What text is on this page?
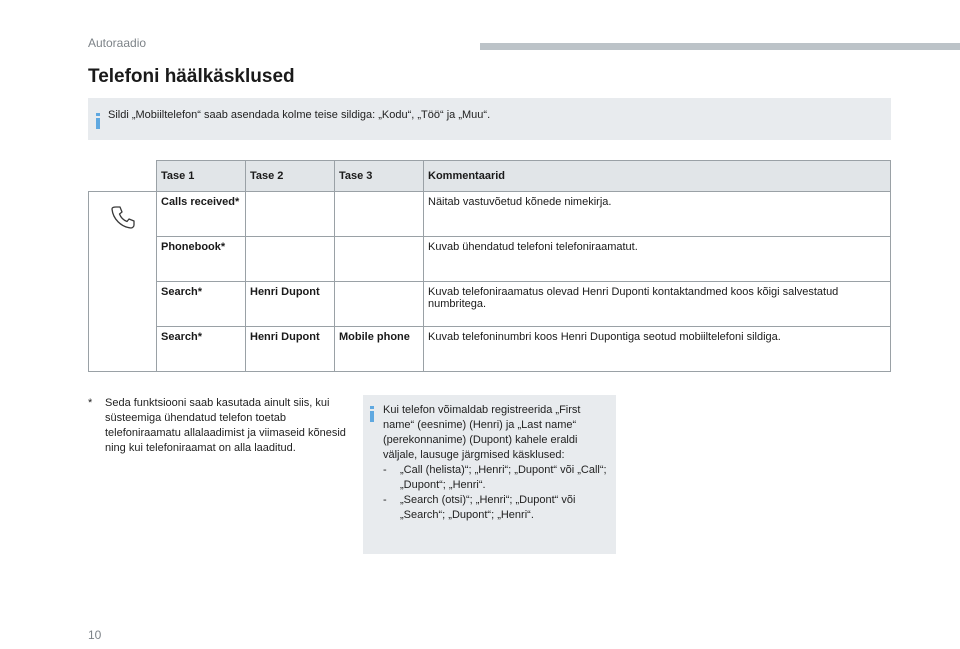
Autoraadio
Telefoni häälkäsklused
Sildi „Mobiiltelefon“ saab asendada kolme teise sildiga: „Kodu“, „Töö“ ja „Muu“.
	Tase 1	Tase 2	Tase 3	Kommentaarid
	Calls received*			Näitab vastuvõetud kõnede nimekirja.
	Phonebook*			Kuvab ühendatud telefoni telefoniraamatut.
	Search*	Henri Dupont		Kuvab telefoniraamatus olevad Henri Duponti kontaktandmed koos kõigi salvestatud numbritega.
	Search*	Henri Dupont	Mobile phone	Kuvab telefoninumbri koos Henri Dupontiga seotud mobiiltelefoni sildiga.
* Seda funktsiooni saab kasutada ainult siis, kui süsteemiga ühendatud telefon toetab telefoniraamatu allalaadimist ja viimaseid kõnesid ning kui telefoniraamat on alla laaditud.
Kui telefon võimaldab registreerida „First name“ (eesnime) (Henri) ja „Last name“ (perekonnanime) (Dupont) kahele eraldi väljale, lausuge järgmised käsklused:
- „Call (helista)“; „Henri“; „Dupont“ või „Call“; „Dupont“; „Henri“.
- „Search (otsi)“; „Henri“; „Dupont“ või „Search“; „Dupont“; „Henri“.
10
